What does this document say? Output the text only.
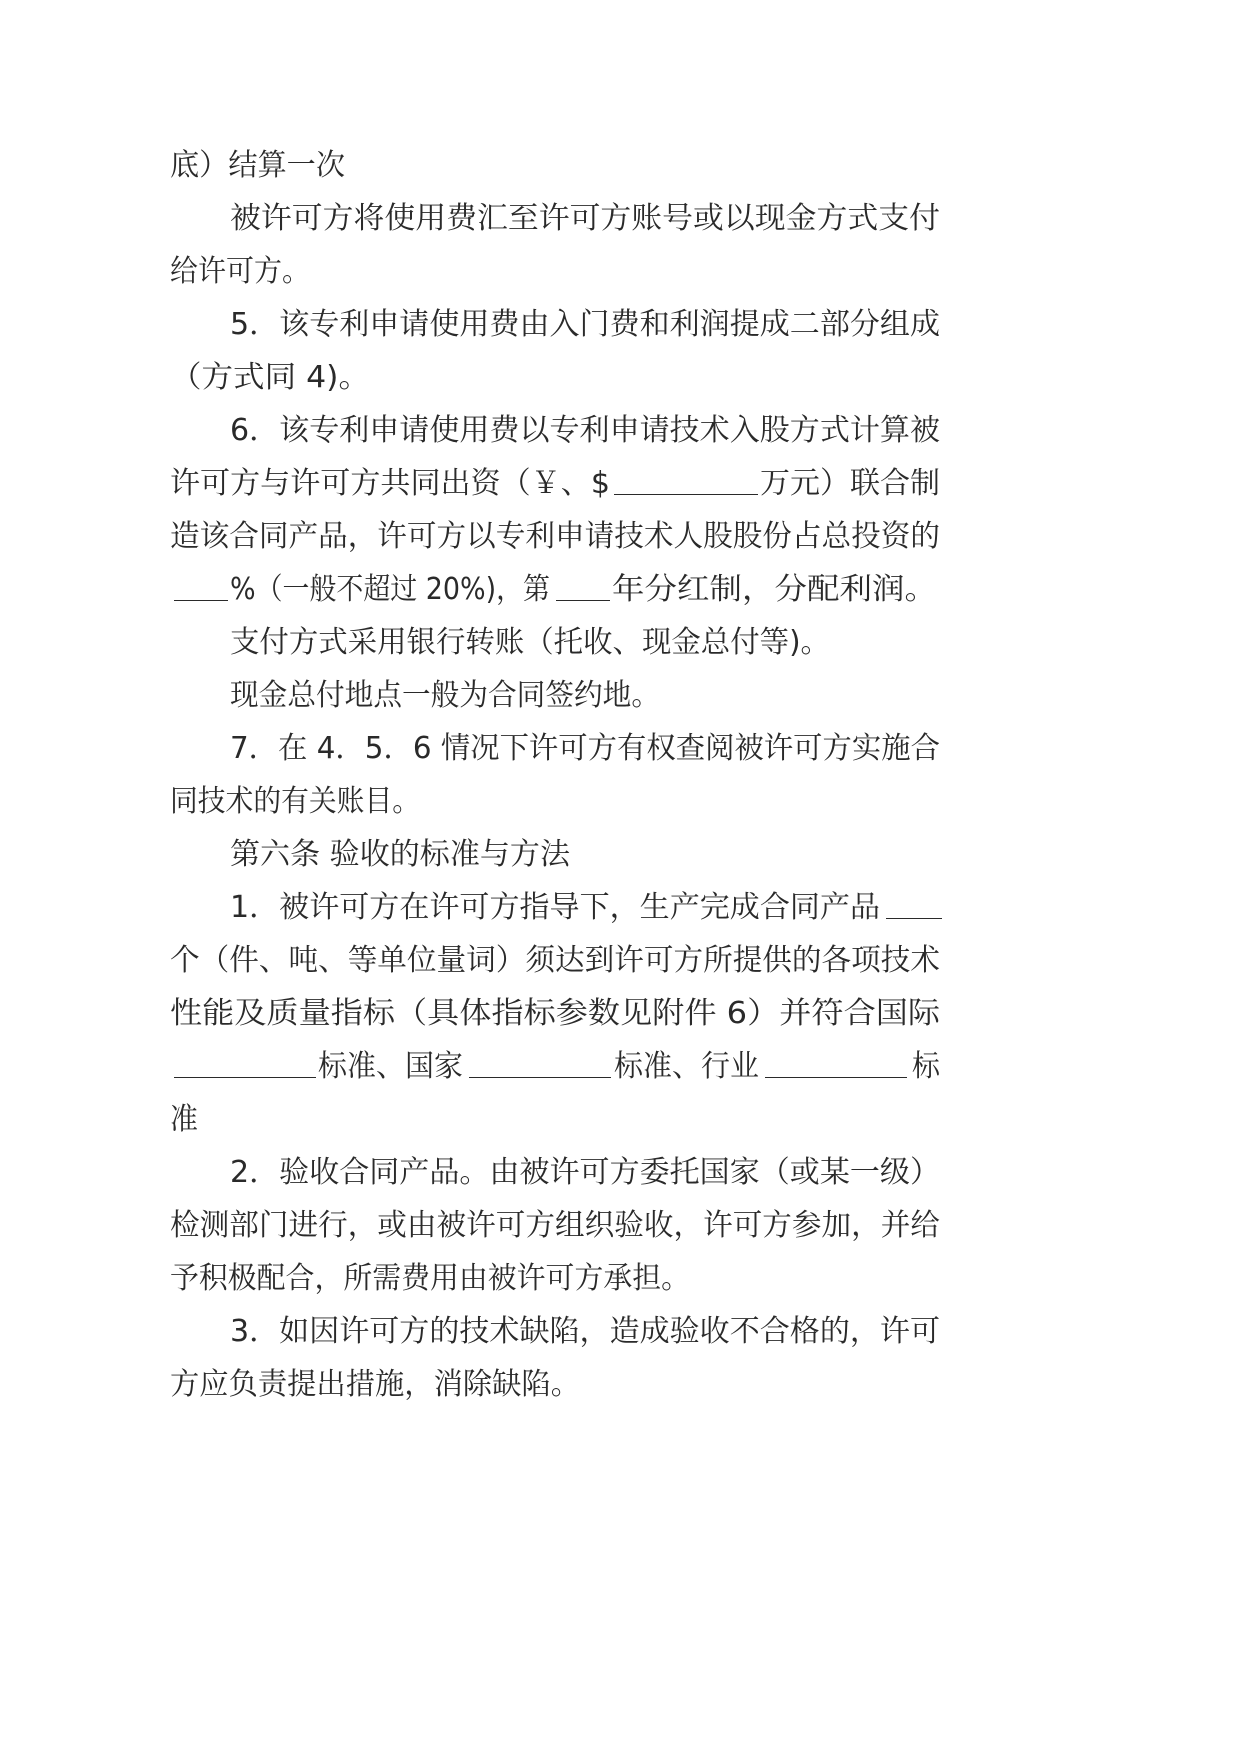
底）结算一次

被许可方将使用费汇至许可方账号或以现金方式支付

给许可方。

5．该专利申请使用费由入门费和利润提成二部分组成

（方式同 4)。

6．该专利申请使用费以专利申请技术入股方式计算被

许可方与许可方共同出资（￥、$

	万元）联合制

造该合同产品，许可方以专利申请技术人股股份占总投资的

%（一般不超过 20%)，第

年分红制，分配利润。

支付方式采用银行转账（托收、现金总付等)。

现金总付地点一般为合同签约地。

7．在 4．5．6 情况下许可方有权查阅被许可方实施合

同技术的有关账目。

第六条 验收的标准与方法

1．被许可方在许可方指导下，生产完成合同产品

个（件、吨、等单位量词）须达到许可方所提供的各项技术

性能及质量指标（具体指标参数见附件 6）并符合国际

标准、国家

	标准、行业

	标

准

2．验收合同产品。由被许可方委托国家（或某一级）

检测部门进行，或由被许可方组织验收，许可方参加，并给

予积极配合，所需费用由被许可方承担。

3．如因许可方的技术缺陷，造成验收不合格的，许可

方应负责提出措施，消除缺陷。
